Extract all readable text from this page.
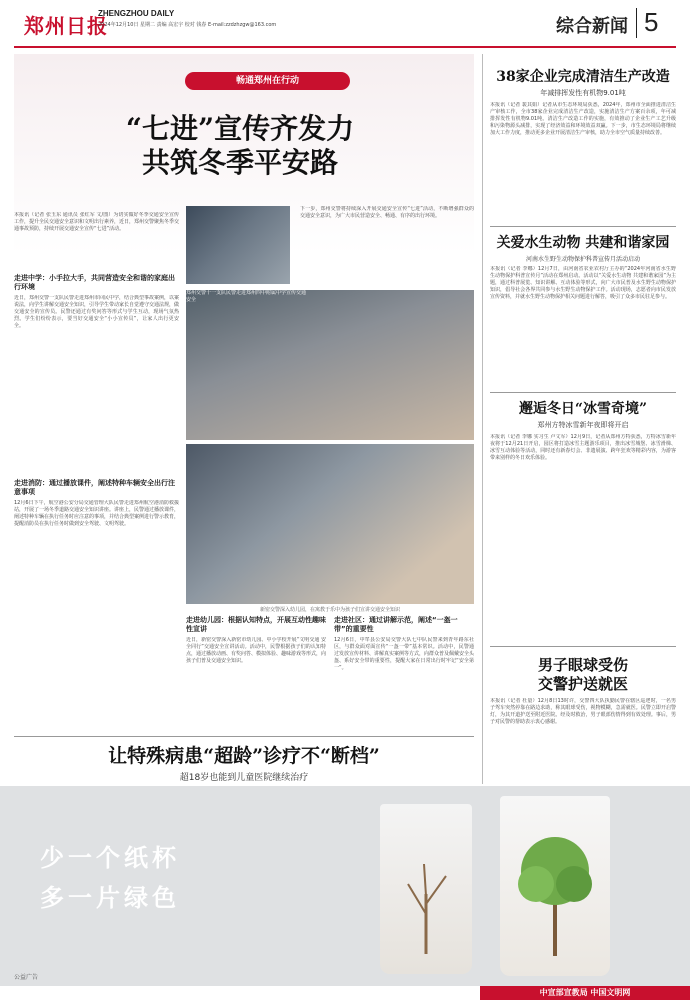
郑州日报
ZHENGZHOU DAILY
2024年12月10日 星期二 责编 高宏宇 校对 钱春 E-mail:zzdzhzgw@163.com	综合新闻 5
畅通郑州在行动
“七进”宣传齐发力
共筑冬季平安路
本报讯（记者 张玉东 通讯员 张红军 文/图）为切实做好冬季交通安全宣传工作，提升全民交通安全意识和文明出行素养，近日，郑州交警聚焦冬季交通事故预防，持续开展交通安全宣传“七进”活动。
走进中学：小手拉大手，共同营造安全和谐的家庭出行环境
近日，郑州交警一支队民警走进郑州市回民中学，结合典型事故案例，以案说法，向学生讲解交通安全知识，引导学生带动家长自觉遵守交通法规，做交通安全的宣传员。民警还通过有奖问答等形式与学生互动，现场气氛热烈。学生们纷纷表示，要当好交通安全“小小宣传员”，让家人出行更安全。
走进消防：通过播放课件，阐述特种车辆安全出行注意事项
12月6日下午，航空港公安分局交通管理大队民警走进郑州航空港消防救援站，开展了一场冬季道路交通安全知识讲座。讲座上，民警通过播放课件，阐述特种车辆在执行任务时应注意的事项，并结合典型案例进行警示教育，提醒消防员在执行任务时做到安全驾驶、文明驾驶。
下一步，郑州交警将持续深入开展交通安全宣传“七进”活动，不断增强群众的交通安全意识，为广大市民营造安全、畅通、有序的出行环境。
郑州交警十一支队民警走进郑州四中附属中学宣传交通安全
新密交警深入幼儿园，在寓教于乐中为孩子们宣讲交通安全知识
走进幼儿园：根据认知特点，开展互动性趣味性宣讲
近日，新密交警深入新密市幼儿园、中小学校开展“文明交通 安全同行”交通安全宣讲活动。活动中，民警根据孩子们的认知特点，通过播放动画、有奖问答、模拟体验、趣味游戏等形式，向孩子们普及交通安全知识。
走进社区：通过讲解示范，阐述“一盔一带”的重要性
12月6日，中牟县公安局交警大队七中队民警来到青年路东社区，与群众面对面宣传“一盔一带”基本常识。活动中，民警通过发放宣传材料、讲解真实案例等方式，向群众普及佩戴安全头盔、系好安全带的重要性，提醒大家在日常出行时牢记“安全第一”。
让特殊病患“超龄”诊疗不“断档”
超18岁也能到儿童医院继续治疗
38家企业完成清洁生产改造
年减排挥发性有机物9.01吨
本报讯（记者 裴其娟）记者从市生态环境局获悉，2024年，郑州市全面推进清洁生产审核工作，全市38家企业完成清洁生产改造，实施清洁生产方案百余项，年可减排挥发性有机物9.01吨。清洁生产改造工作的实施，有效推动了企业生产工艺升级和污染物源头减排，实现了经济效益和环境效益双赢。下一步，市生态环境局将继续加大工作力度，推动更多企业开展清洁生产审核，助力全市空气质量持续改善。
关爱水生动物 共建和谐家园
河南水生野生动物保护科普宣传月活动启动
本报讯（记者 李娜）12月7日，由河南省农业农村厅主办的“2024年河南省水生野生动物保护科普宣传月”活动在郑州启动。活动以“关爱水生动物 共建和谐家园”为主题，通过科普展览、知识讲解、互动体验等形式，向广大市民普及水生野生动物保护知识，倡导社会各界共同参与水生野生动物保护工作。活动现场，志愿者向市民发放宣传资料，并就水生野生动物保护相关问题进行解答，吸引了众多市民驻足参与。
邂逅冬日“冰雪奇境”
郑州方特冰雪新年夜即将开启
本报讯（记者 李娜 实习生 卢文军）12月9日，记者从郑州方特获悉，方特冰雪新年夜将于12月21日开启，园区将打造冰雪主题游乐项目，推出冰雪城堡、冰雪滑梯、冰雪互动体验等活动，同时还有新春灯会、非遗展演、跨年狂欢等精彩内容，为游客带来别样的冬日欢乐体验。
男子眼球受伤
交警护送就医
本报讯（记者 杜量）12月8日13时许，交警四大队执勤民警在辖区巡逻时，一名男子驾车突然停靠在路边求助，称其眼球受伤，视物模糊，急需就医。民警立即开启警灯，为其开道护送至附近医院。经及时救治，男子眼部伤情得到有效处理。事后，男子对民警的帮助表示衷心感谢。
少一个纸杯
多一片绿色
公益广告
中宣部宣教局 中国文明网
